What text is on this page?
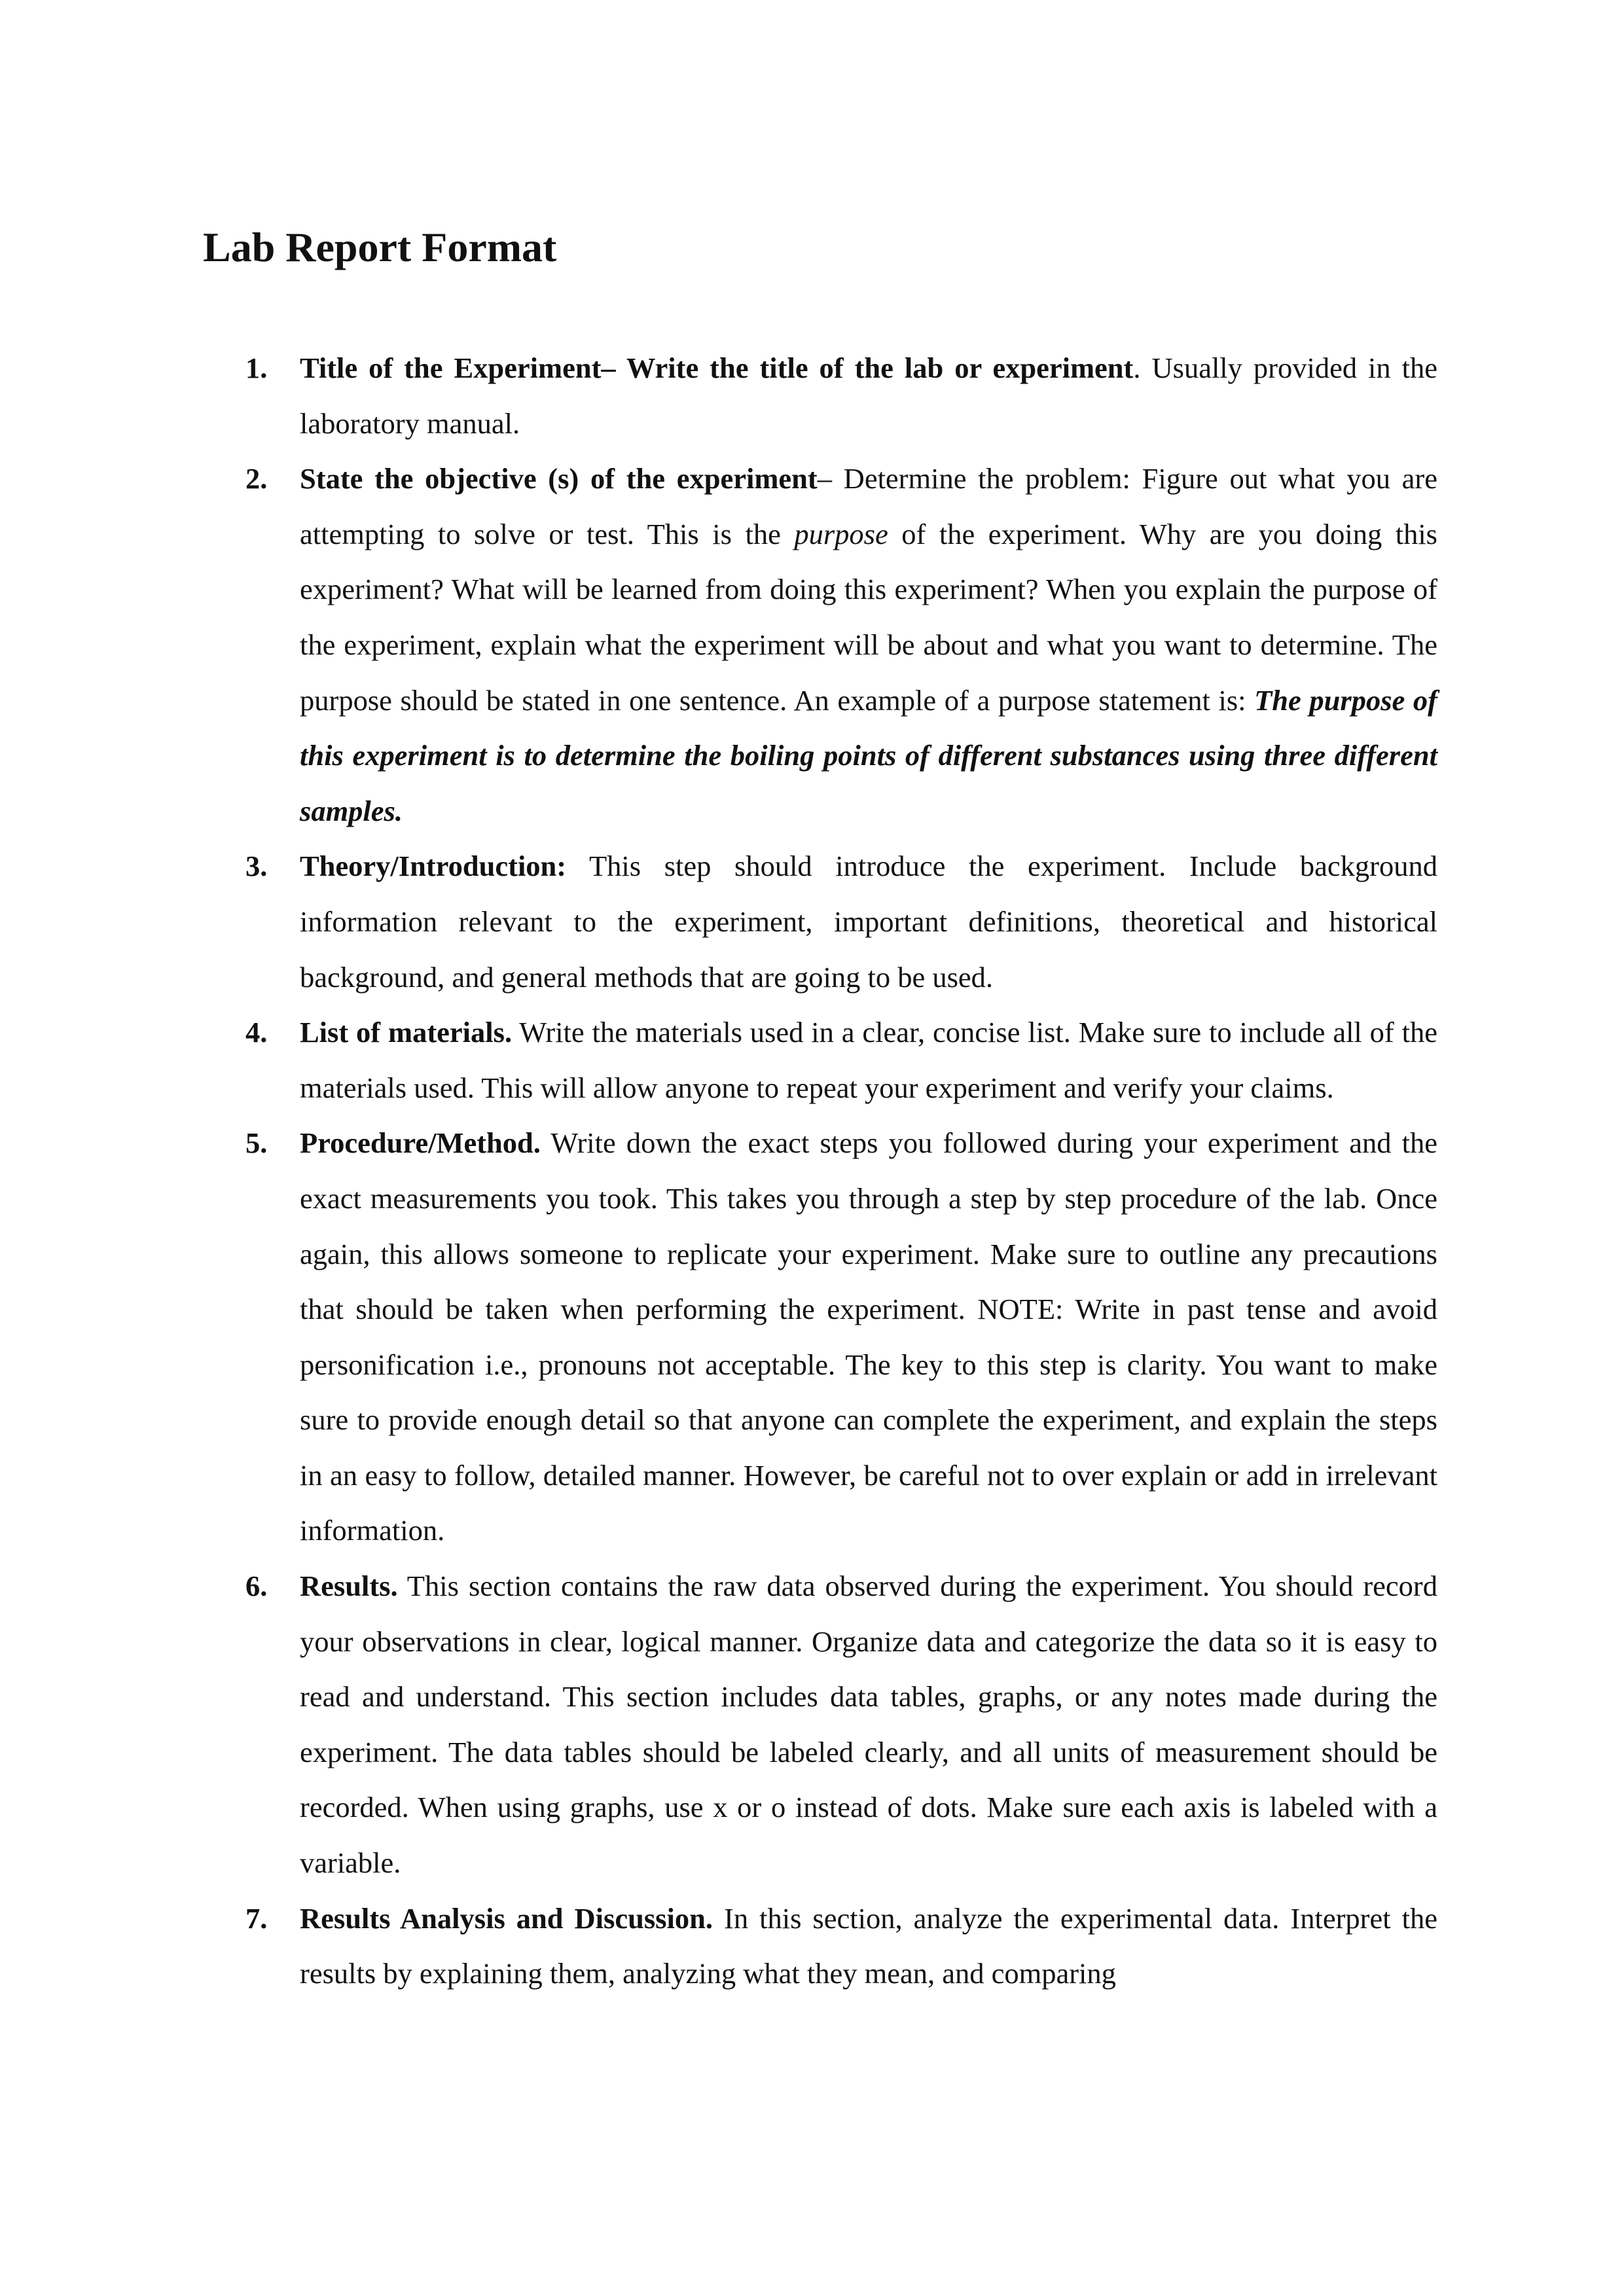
Lab Report Format
1. Title of the Experiment– Write the title of the lab or experiment. Usually provided in the laboratory manual.
2. State the objective (s) of the experiment– Determine the problem: Figure out what you are attempting to solve or test. This is the purpose of the experiment. Why are you doing this experiment? What will be learned from doing this experiment? When you explain the purpose of the experiment, explain what the experiment will be about and what you want to determine. The purpose should be stated in one sentence. An example of a purpose statement is: The purpose of this experiment is to determine the boiling points of different substances using three different samples.
3. Theory/Introduction: This step should introduce the experiment. Include background information relevant to the experiment, important definitions, theoretical and historical background, and general methods that are going to be used.
4. List of materials. Write the materials used in a clear, concise list. Make sure to include all of the materials used. This will allow anyone to repeat your experiment and verify your claims.
5. Procedure/Method. Write down the exact steps you followed during your experiment and the exact measurements you took. This takes you through a step by step procedure of the lab. Once again, this allows someone to replicate your experiment. Make sure to outline any precautions that should be taken when performing the experiment. NOTE: Write in past tense and avoid personification i.e., pronouns not acceptable. The key to this step is clarity. You want to make sure to provide enough detail so that anyone can complete the experiment, and explain the steps in an easy to follow, detailed manner. However, be careful not to over explain or add in irrelevant information.
6. Results. This section contains the raw data observed during the experiment. You should record your observations in clear, logical manner. Organize data and categorize the data so it is easy to read and understand. This section includes data tables, graphs, or any notes made during the experiment. The data tables should be labeled clearly, and all units of measurement should be recorded. When using graphs, use x or o instead of dots. Make sure each axis is labeled with a variable.
7. Results Analysis and Discussion. In this section, analyze the experimental data. Interpret the results by explaining them, analyzing what they mean, and comparing
